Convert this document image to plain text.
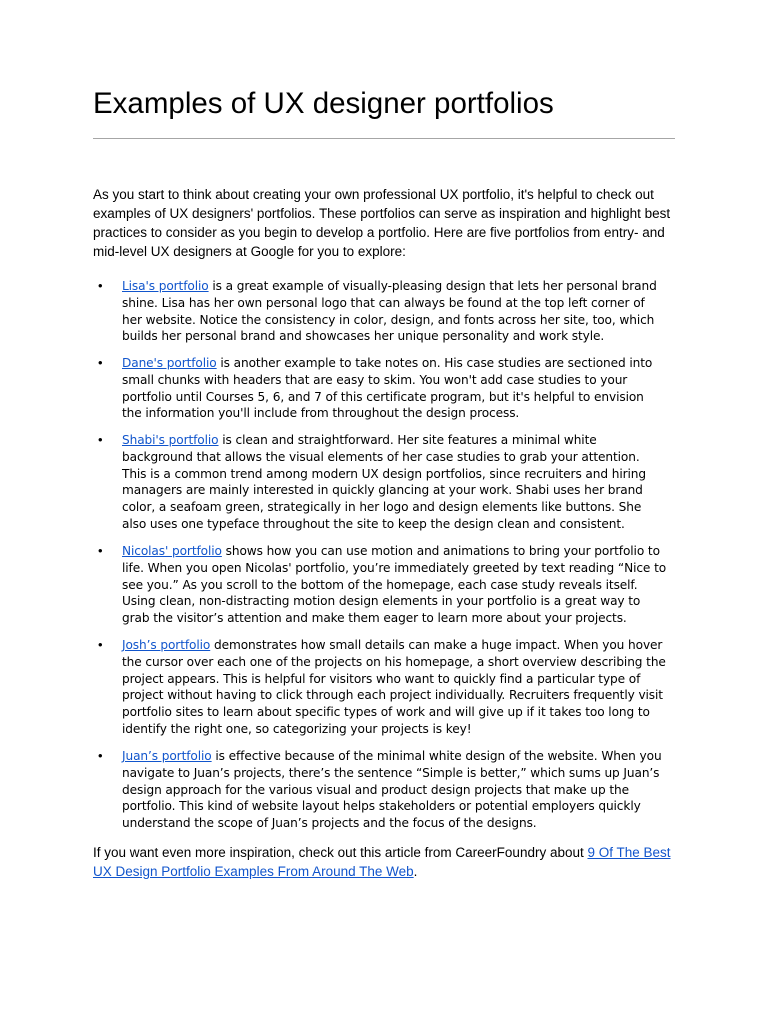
Examples of UX designer portfolios

As you start to think about creating your own professional UX portfolio, it's helpful to check out examples of UX designers' portfolios. These portfolios can serve as inspiration and highlight best practices to consider as you begin to develop a portfolio. Here are five portfolios from entry- and mid-level UX designers at Google for you to explore:

•	Lisa's portfolio is a great example of visually-pleasing design that lets her personal brand shine. Lisa has her own personal logo that can always be found at the top left corner of her website. Notice the consistency in color, design, and fonts across her site, too, which builds her personal brand and showcases her unique personality and work style.
•	Dane's portfolio is another example to take notes on. His case studies are sectioned into small chunks with headers that are easy to skim. You won't add case studies to your portfolio until Courses 5, 6, and 7 of this certificate program, but it's helpful to envision the information you'll include from throughout the design process.
•	Shabi's portfolio is clean and straightforward. Her site features a minimal white background that allows the visual elements of her case studies to grab your attention. This is a common trend among modern UX design portfolios, since recruiters and hiring managers are mainly interested in quickly glancing at your work. Shabi uses her brand color, a seafoam green, strategically in her logo and design elements like buttons. She also uses one typeface throughout the site to keep the design clean and consistent.
•	Nicolas' portfolio shows how you can use motion and animations to bring your portfolio to life. When you open Nicolas' portfolio, you’re immediately greeted by text reading “Nice to see you.” As you scroll to the bottom of the homepage, each case study reveals itself. Using clean, non-distracting motion design elements in your portfolio is a great way to grab the visitor’s attention and make them eager to learn more about your projects.
•	Josh’s portfolio demonstrates how small details can make a huge impact. When you hover the cursor over each one of the projects on his homepage, a short overview describing the project appears. This is helpful for visitors who want to quickly find a particular type of project without having to click through each project individually. Recruiters frequently visit portfolio sites to learn about specific types of work and will give up if it takes too long to identify the right one, so categorizing your projects is key!
•	Juan’s portfolio is effective because of the minimal white design of the website. When you navigate to Juan’s projects, there’s the sentence “Simple is better,” which sums up Juan’s design approach for the various visual and product design projects that make up the portfolio. This kind of website layout helps stakeholders or potential employers quickly understand the scope of Juan’s projects and the focus of the designs.

If you want even more inspiration, check out this article from CareerFoundry about 9 Of The Best UX Design Portfolio Examples From Around The Web.
